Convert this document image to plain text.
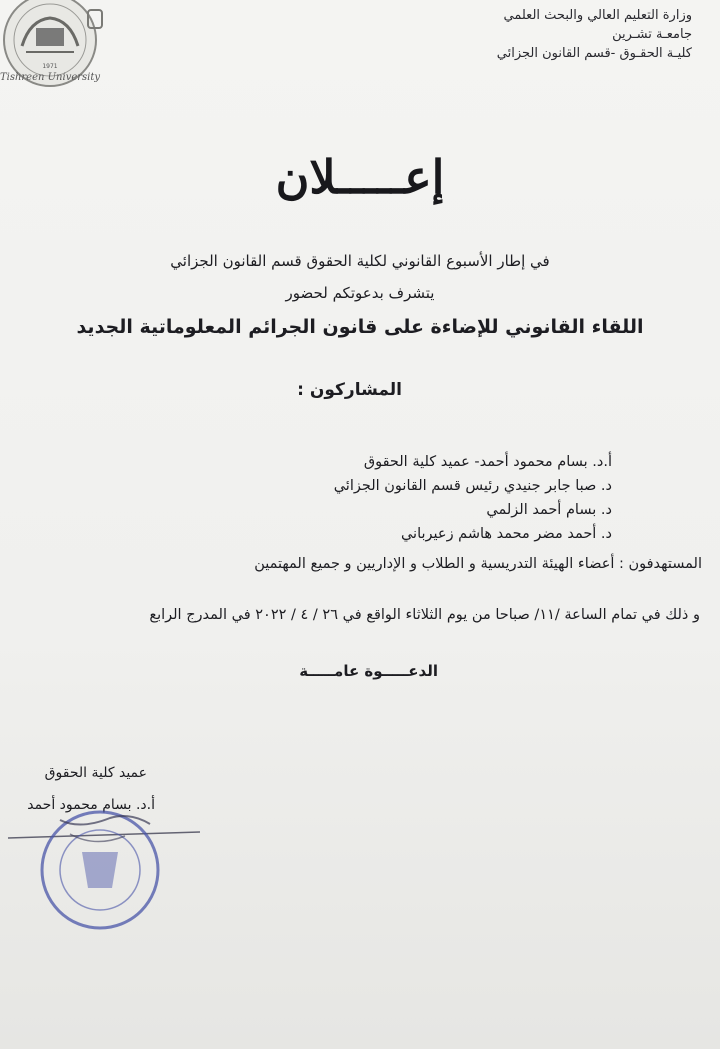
1971
Tishreen University
وزارة التعليم العالي والبحث العلمي
جامعـة تشـرين
كليـة الحقـوق -قسم القانون الجزائي
إعـــــلان
في إطار الأسبوع القانوني لكلية الحقوق قسم القانون الجزائي
يتشرف بدعوتكم لحضور
اللقاء القانوني للإضاءة على قانون الجرائم المعلوماتية الجديد
المشاركون :
أ.د. بسام محمود أحمد- عميد كلية الحقوق
د. صبا جابر جنيدي رئيس قسم القانون الجزائي
د. بسام أحمد الزلمي
د. أحمد مضر محمد هاشم زعيرباني
المستهدفون : أعضاء الهيئة التدريسية و الطلاب و الإداريين و جميع المهتمين
و ذلك في تمام الساعة /١١/ صباحا من يوم الثلاثاء الواقع في ٢٦ / ٤ / ٢٠٢٢ في المدرج الرابع
الدعـــــوة عامـــــة
عميد كلية الحقوق
أ.د. بسام محمود أحمد
